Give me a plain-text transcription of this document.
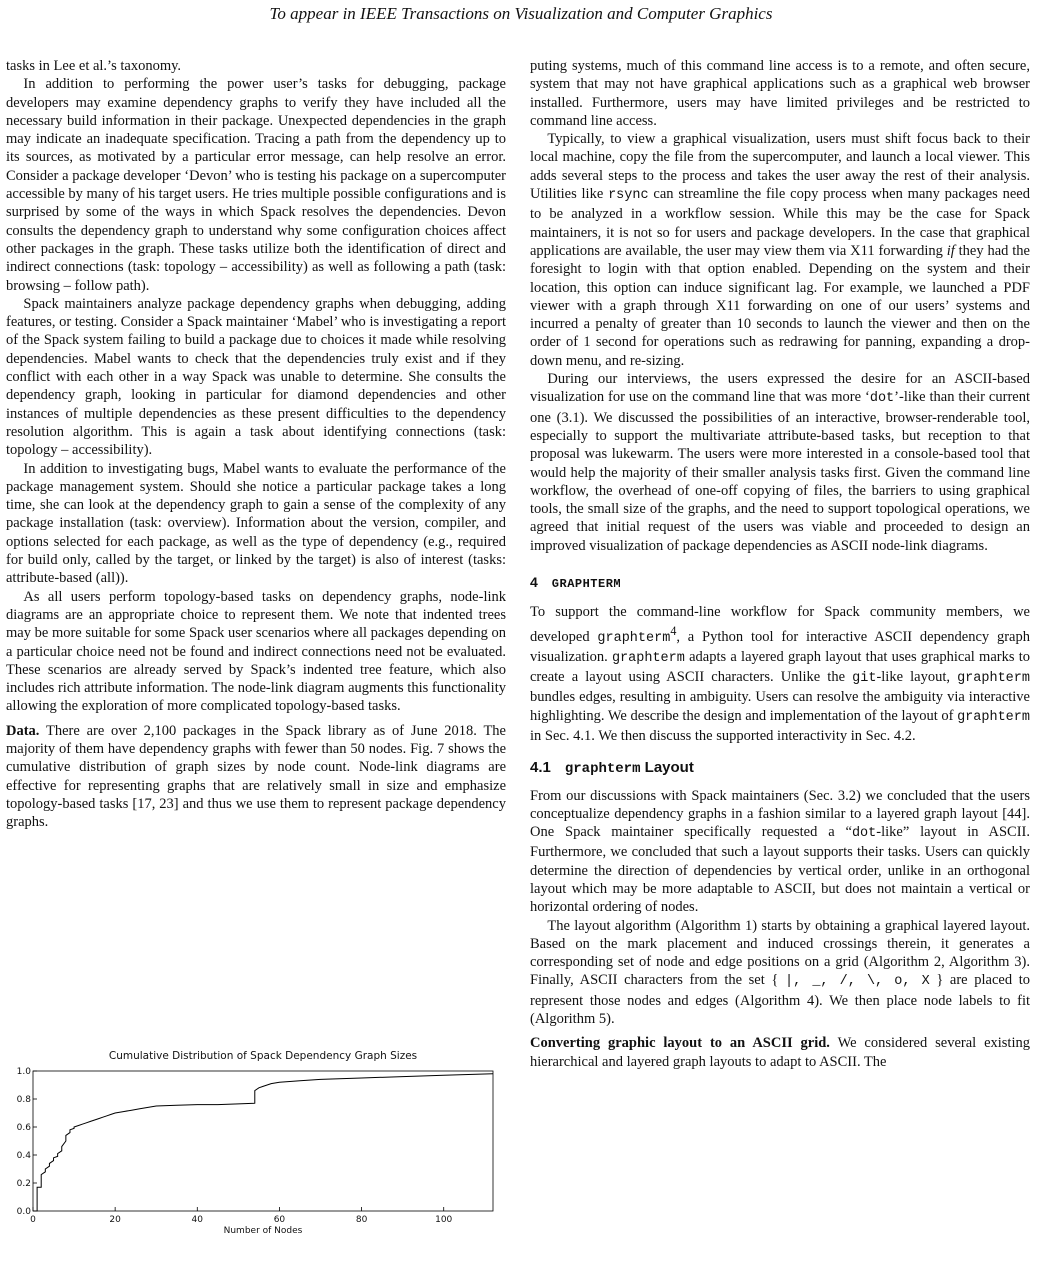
To appear in IEEE Transactions on Visualization and Computer Graphics

tasks in Lee et al.’s taxonomy.

In addition to performing the power user’s tasks for debugging, package developers may examine dependency graphs to verify they have included all the necessary build information in their package. Unexpected dependencies in the graph may indicate an inadequate specification. Tracing a path from the dependency up to its sources, as motivated by a particular error message, can help resolve an error. Consider a package developer ‘Devon’ who is testing his package on a supercomputer accessible by many of his target users. He tries multiple possible configurations and is surprised by some of the ways in which Spack resolves the dependencies. Devon consults the dependency graph to understand why some configuration choices affect other packages in the graph. These tasks utilize both the identification of direct and indirect connections (task: topology – accessibility) as well as following a path (task: browsing – follow path).

Spack maintainers analyze package dependency graphs when debugging, adding features, or testing. Consider a Spack maintainer ‘Mabel’ who is investigating a report of the Spack system failing to build a package due to choices it made while resolving dependencies. Mabel wants to check that the dependencies truly exist and if they conflict with each other in a way Spack was unable to determine. She consults the dependency graph, looking in particular for diamond dependencies and other instances of multiple dependencies as these present difficulties to the dependency resolution algorithm. This is again a task about identifying connections (task: topology – accessibility).

In addition to investigating bugs, Mabel wants to evaluate the performance of the package management system. Should she notice a particular package takes a long time, she can look at the dependency graph to gain a sense of the complexity of any package installation (task: overview). Information about the version, compiler, and options selected for each package, as well as the type of dependency (e.g., required for build only, called by the target, or linked by the target) is also of interest (tasks: attribute-based (all)).

As all users perform topology-based tasks on dependency graphs, node-link diagrams are an appropriate choice to represent them. We note that indented trees may be more suitable for some Spack user scenarios where all packages depending on a particular choice need not be found and indirect connections need not be evaluated. These scenarios are already served by Spack’s indented tree feature, which also includes rich attribute information. The node-link diagram augments this functionality allowing the exploration of more complicated topology-based tasks.

Data. There are over 2,100 packages in the Spack library as of June 2018. The majority of them have dependency graphs with fewer than 50 nodes. Fig. 7 shows the cumulative distribution of graph sizes by node count. Node-link diagrams are effective for representing graphs that are relatively small in size and emphasize topology-based tasks [17, 23] and thus we use them to represent package dependency graphs.

puting systems, much of this command line access is to a remote, and often secure, system that may not have graphical applications such as a graphical web browser installed. Furthermore, users may have limited privileges and be restricted to command line access.

Typically, to view a graphical visualization, users must shift focus back to their local machine, copy the file from the supercomputer, and launch a local viewer. This adds several steps to the process and takes the user away the rest of their analysis. Utilities like rsync can streamline the file copy process when many packages need to be analyzed in a workflow session. While this may be the case for Spack maintainers, it is not so for users and package developers. In the case that graphical applications are available, the user may view them via X11 forwarding if they had the foresight to login with that option enabled. Depending on the system and their location, this option can induce significant lag. For example, we launched a PDF viewer with a graph through X11 forwarding on one of our users’ systems and incurred a penalty of greater than 10 seconds to launch the viewer and then on the order of 1 second for operations such as redrawing for panning, expanding a drop-down menu, and re-sizing.

During our interviews, the users expressed the desire for an ASCII-based visualization for use on the command line that was more ‘dot’-like than their current one (3.1). We discussed the possibilities of an interactive, browser-renderable tool, especially to support the multivariate attribute-based tasks, but reception to that proposal was lukewarm. The users were more interested in a console-based tool that would help the majority of their smaller analysis tasks first. Given the command line workflow, the overhead of one-off copying of files, the barriers to using graphical tools, the small size of the graphs, and the need to support topological operations, we agreed that initial request of the users was viable and proceeded to design an improved visualization of package dependencies as ASCII node-link diagrams.

4 GRAPHTERM

To support the command-line workflow for Spack community members, we developed graphterm$^4$, a Python tool for interactive ASCII dependency graph visualization. graphterm adapts a layered graph layout that uses graphical marks to create a layout using ASCII characters. Unlike the git-like layout, graphterm bundles edges, resulting in ambiguity. Users can resolve the ambiguity via interactive highlighting. We describe the design and implementation of the layout of graphterm in Sec. 4.1. We then discuss the supported interactivity in Sec. 4.2.

4.1 graphterm Layout

From our discussions with Spack maintainers (Sec. 3.2) we concluded that the users conceptualize dependency graphs in a fashion similar to a layered graph layout [44]. One Spack maintainer specifically requested a “dot-like” layout in ASCII. Furthermore, we concluded that such a layout supports their tasks. Users can quickly determine the direction of dependencies by vertical order, unlike in an orthogonal layout which may be more adaptable to ASCII, but does not maintain a vertical or horizontal ordering of nodes.

The layout algorithm (Algorithm 1) starts by obtaining a graphical layered layout. Based on the mark placement and induced crossings therein, it generates a corresponding set of node and edge positions on a grid (Algorithm 2, Algorithm 3). Finally, ASCII characters from the set { |, _, /, \, o, X } are placed to represent those nodes and edges (Algorithm 4). We then place node labels to fit (Algorithm 5).

Converting graphic layout to an ASCII grid. We considered several existing hierarchical and layered graph layouts to adapt to ASCII. The

Cumulative Distribution of Spack Dependency Graph Sizes
0	20	40	60	80	100
0.0
0.2
0.4
0.6
0.8
1.0
Number of Nodes
